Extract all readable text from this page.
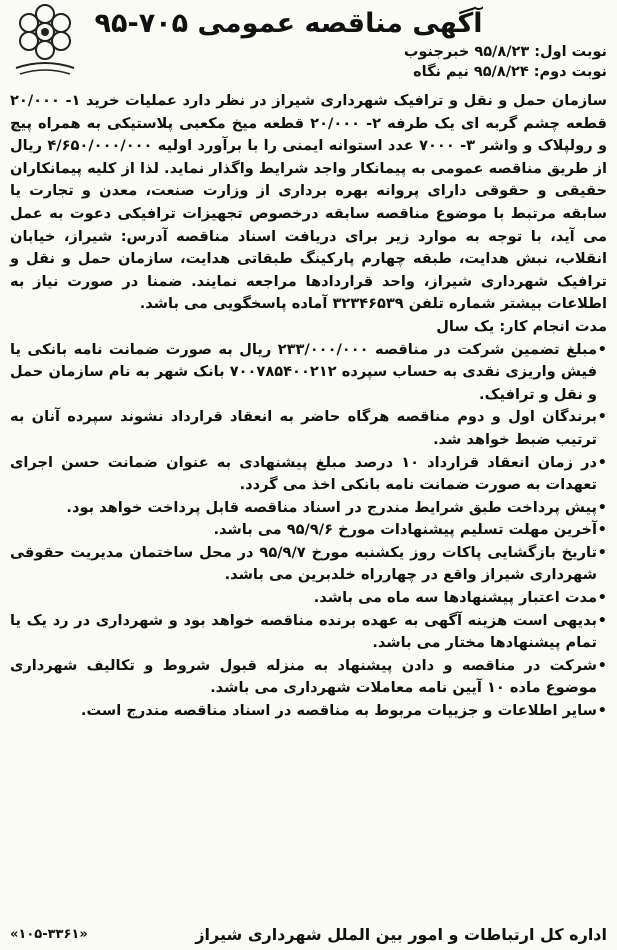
آگهی مناقصه عمومی ۷۰۵-۹۵
نوبت اول: ۹۵/۸/۲۳ خبرجنوب
نوبت دوم: ۹۵/۸/۲۴ نیم نگاه
سازمان حمل و نقل و ترافیک شهرداری شیراز در نظر دارد عملیات خرید ۱- ۲۰/۰۰۰ قطعه چشم گربه ای یک طرفه ۲- ۲۰/۰۰۰ قطعه میخ مکعبی پلاستیکی به همراه پیچ و رولپلاک و واشر ۳- ۷۰۰۰ عدد استوانه ایمنی را با برآورد اولیه ۴/۶۵۰/۰۰۰/۰۰۰ ریال از طریق مناقصه عمومی به پیمانکار واجد شرایط واگذار نماید. لذا از کلیه پیمانکاران حقیقی و حقوقی دارای پروانه بهره برداری از وزارت صنعت، معدن و تجارت یا سابقه مرتبط با موضوع مناقصه سابقه درخصوص تجهیزات ترافیکی دعوت به عمل می آید، با توجه به موارد زیر برای دریافت اسناد مناقصه آدرس: شیراز، خیابان انقلاب، نبش هدایت، طبقه چهارم پارکینگ طبقاتی هدایت، سازمان حمل و نقل و ترافیک شهرداری شیراز، واحد قراردادها مراجعه نمایند. ضمنا در صورت نیاز به اطلاعات بیشتر شماره تلفن ۳۲۳۴۶۵۳۹ آماده پاسخگویی می باشد.
مدت انجام کار: یک سال
• مبلغ تضمین شرکت در مناقصه ۲۳۳/۰۰۰/۰۰۰ ریال به صورت ضمانت نامه بانکی یا فیش واریزی نقدی به حساب سپرده ۷۰۰۷۸۵۴۰۰۲۱۲ بانک شهر به نام سازمان حمل و نقل و ترافیک.
• برندگان اول و دوم مناقصه هرگاه حاضر به انعقاد قرارداد نشوند سپرده آنان به ترتیب ضبط خواهد شد.
• در زمان انعقاد قرارداد ۱۰ درصد مبلغ پیشنهادی به عنوان ضمانت حسن اجرای تعهدات به صورت ضمانت نامه بانکی اخذ می گردد.
• پیش پرداخت طبق شرایط مندرج در اسناد مناقصه قابل پرداخت خواهد بود.
• آخرین مهلت تسلیم پیشنهادات مورخ ۹۵/۹/۶ می باشد.
• تاریخ بازگشایی پاکات روز یکشنبه مورخ ۹۵/۹/۷ در محل ساختمان مدیریت حقوقی شهرداری شیراز واقع در چهارراه خلدبرین می باشد.
• مدت اعتبار پیشنهادها سه ماه می باشد.
• بدیهی است هزینه آگهی به عهده برنده مناقصه خواهد بود و شهرداری در رد یک یا تمام پیشنهادها مختار می باشد.
• شرکت در مناقصه و دادن پیشنهاد به منزله قبول شروط و تکالیف شهرداری موضوع ماده ۱۰ آیین نامه معاملات شهرداری می باشد.
• سایر اطلاعات و جزییات مربوط به مناقصه در اسناد مناقصه مندرج است.
اداره کل ارتباطات و امور بین الملل شهرداری شیراز
«۱۰۵-۳۳۶۱»
